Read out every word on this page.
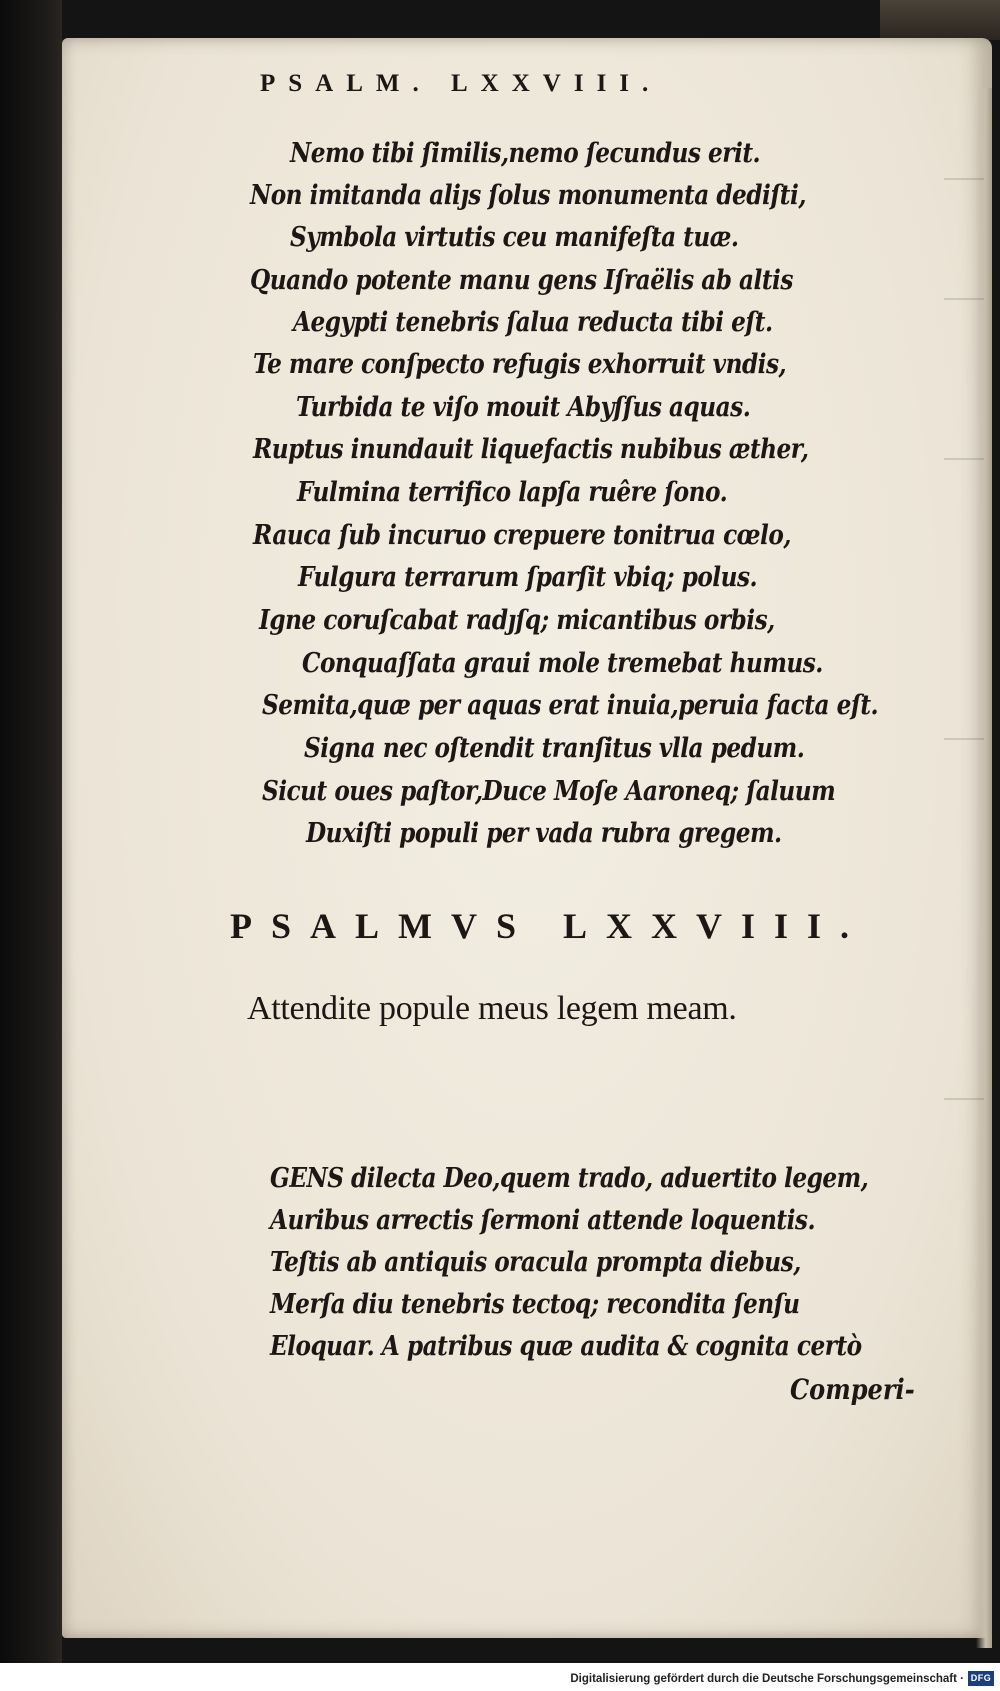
PSALM. LXXVIII.
Nemo tibi ſimilis,nemo ſecundus erit.
Non imitanda aliȷs ſolus monumenta dediſti,
Symbola virtutis ceu manifeſta tuæ.
Quando potente manu gens Iſraëlis ab altis
Aegypti tenebris ſalua reducta tibi eſt.
Te mare conſpecto refugis exhorruit vndis,
Turbida te viſo mouit Abyſſus aquas.
Ruptus inundauit liquefactis nubibus æther,
Fulmina terrifico lapſa ruêre ſono.
Rauca ſub incuruo crepuere tonitrua cœlo,
Fulgura terrarum ſparſit vbiq; polus.
Igne coruſcabat radȷſq; micantibus orbis,
Conquaſſata graui mole tremebat humus.
Semita,quæ per aquas erat inuia,peruia facta eſt.
Signa nec oſtendit tranſitus vlla pedum.
Sicut oues paſtor,Duce Moſe Aaroneq; ſaluum
Duxiſti populi per vada rubra gregem.
PSALMVS LXXVIII.
Attendite popule meus legem meam.
GENS dilecta Deo,quem trado, aduertito legem,
Auribus arrectis ſermoni attende loquentis.
Teſtis ab antiquis oracula prompta diebus,
Merſa diu tenebris tectoq; recondita ſenſu
Eloquar. A patribus quæ audita & cognita certò
Comperi-
Digitalisierung gefördert durch die Deutsche Forschungsgemeinschaft · DFG
